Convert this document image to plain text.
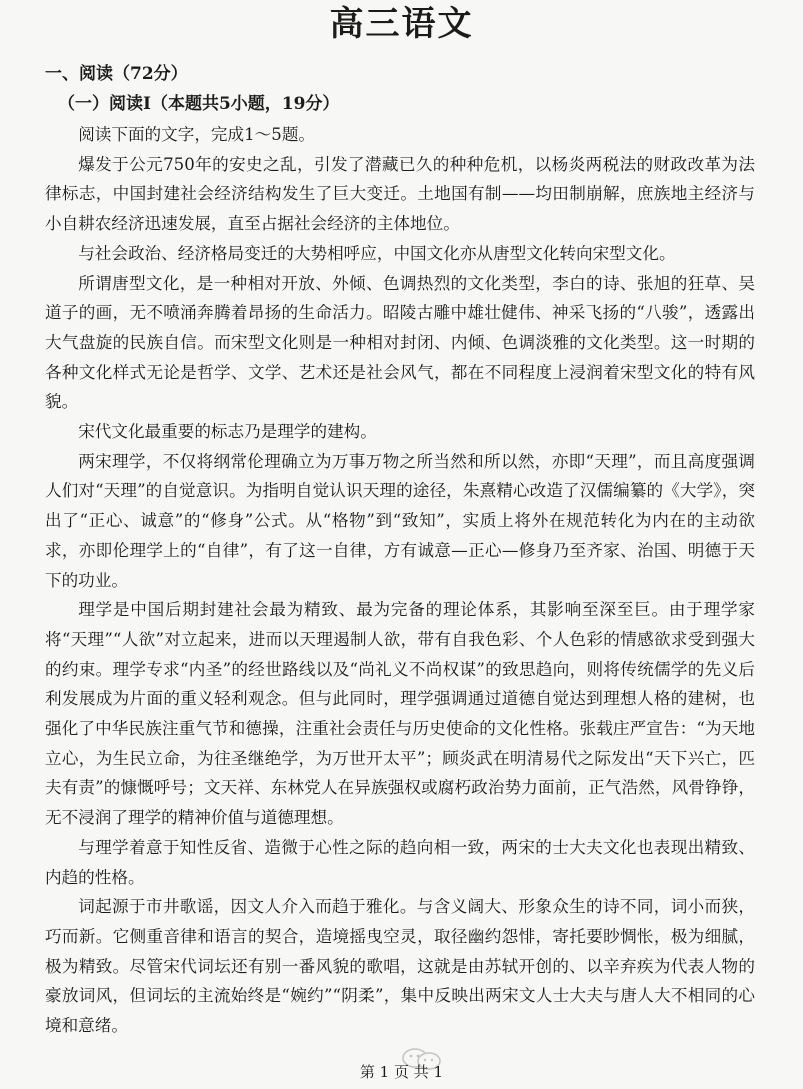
高三语文
一、阅读（72分）
（一）阅读I（本题共5小题，19分）

阅读下面的文字，完成1～5题。

爆发于公元750年的安史之乱，引发了潜藏已久的种种危机，以杨炎两税法的财政改革为法律标志，中国封建社会经济结构发生了巨大变迁。土地国有制——均田制崩解，庶族地主经济与小自耕农经济迅速发展，直至占据社会经济的主体地位。

与社会政治、经济格局变迁的大势相呼应，中国文化亦从唐型文化转向宋型文化。

所谓唐型文化，是一种相对开放、外倾、色调热烈的文化类型，李白的诗、张旭的狂草、吴道子的画，无不喷涌奔腾着昂扬的生命活力。昭陵古雕中雄壮健伟、神采飞扬的“八骏”，透露出大气盘旋的民族自信。而宋型文化则是一种相对封闭、内倾、色调淡雅的文化类型。这一时期的各种文化样式无论是哲学、文学、艺术还是社会风气，都在不同程度上浸润着宋型文化的特有风貌。

宋代文化最重要的标志乃是理学的建构。

两宋理学，不仅将纲常伦理确立为万事万物之所当然和所以然，亦即“天理”，而且高度强调人们对“天理”的自觉意识。为指明自觉认识天理的途径，朱熹精心改造了汉儒编纂的《大学》，突出了“正心、诚意”的“修身”公式。从“格物”到“致知”，实质上将外在规范转化为内在的主动欲求，亦即伦理学上的“自律”，有了这一自律，方有诚意—正心—修身乃至齐家、治国、明德于天下的功业。

理学是中国后期封建社会最为精致、最为完备的理论体系，其影响至深至巨。由于理学家将“天理”“人欲”对立起来，进而以天理遏制人欲，带有自我色彩、个人色彩的情感欲求受到强大的约束。理学专求“内圣”的经世路线以及“尚礼义不尚权谋”的致思趋向，则将传统儒学的先义后利发展成为片面的重义轻利观念。但与此同时，理学强调通过道德自觉达到理想人格的建树，也强化了中华民族注重气节和德操，注重社会责任与历史使命的文化性格。张载庄严宣告：“为天地立心，为生民立命，为往圣继绝学，为万世开太平”；顾炎武在明清易代之际发出“天下兴亡，匹夫有责”的慷慨呼号；文天祥、东林党人在异族强权或腐朽政治势力面前，正气浩然，风骨铮铮，无不浸润了理学的精神价值与道德理想。

与理学着意于知性反省、造微于心性之际的趋向相一致，两宋的士大夫文化也表现出精致、内趋的性格。

词起源于市井歌谣，因文人介入而趋于雅化。与含义阔大、形象众生的诗不同，词小而狭，巧而新。它侧重音律和语言的契合，造境摇曳空灵，取径幽约怨悱，寄托要眇惆怅，极为细腻，极为精致。尽管宋代词坛还有别一番风貌的歌唱，这就是由苏轼开创的、以辛弃疾为代表人物的豪放词风，但词坛的主流始终是“婉约”“阴柔”，集中反映出两宋文人士大夫与唐人大不相同的心境和意绪。

第 1 页 共 1
